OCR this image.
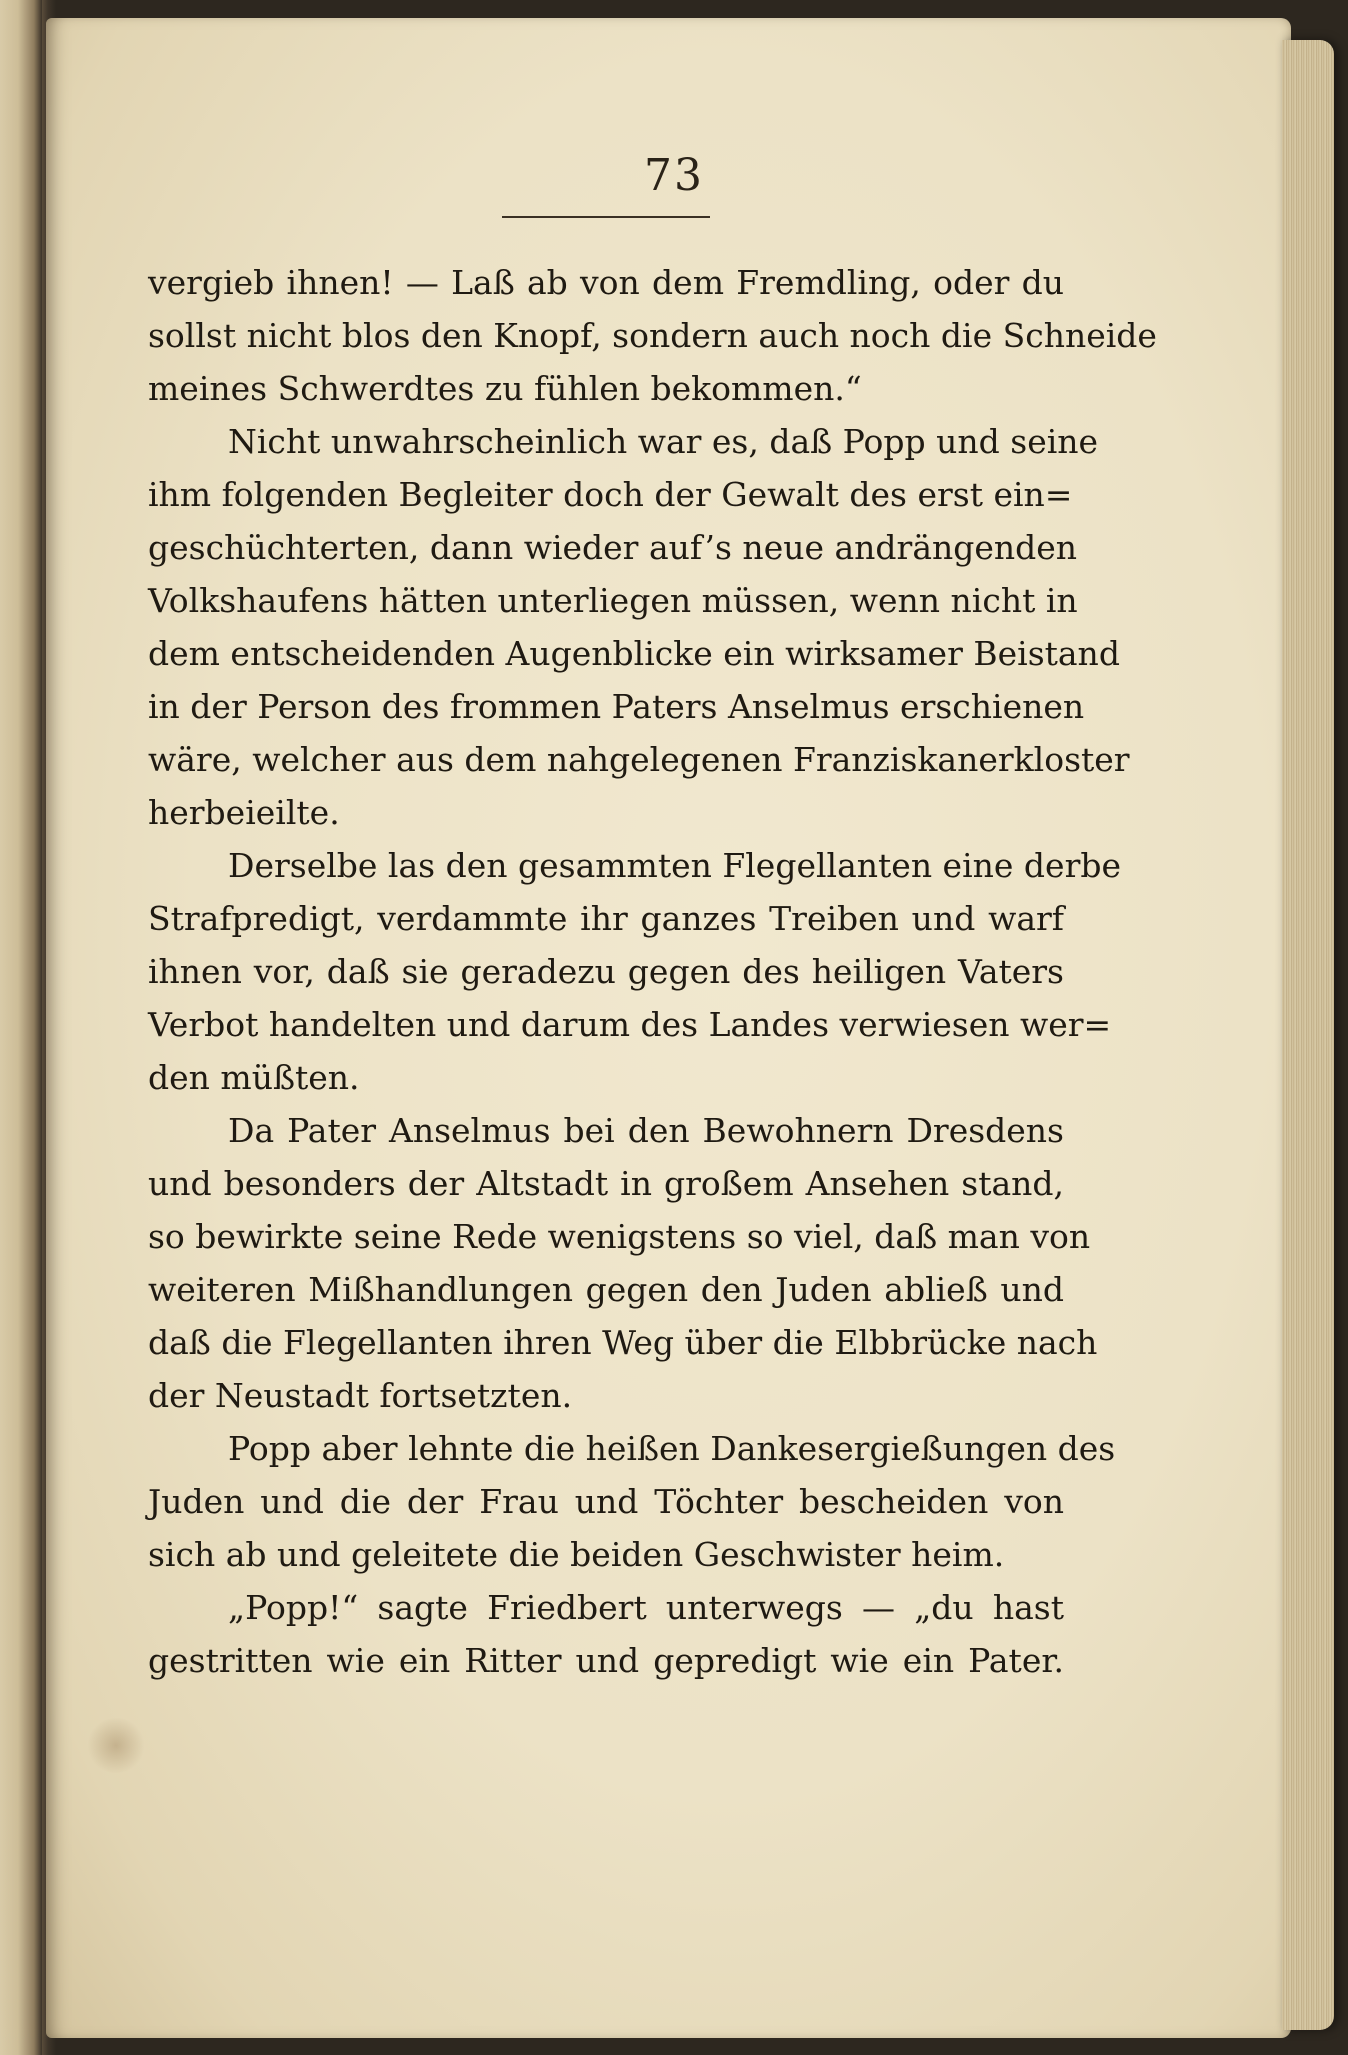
73
vergieb ihnen! — Laß ab von dem Fremdling, oder du
sollst nicht blos den Knopf, sondern auch noch die Schneide
meines Schwerdtes zu fühlen bekommen.“
Nicht unwahrscheinlich war es, daß Popp und seine
ihm folgenden Begleiter doch der Gewalt des erst ein=
geschüchterten, dann wieder auf’s neue andrängenden
Volkshaufens hätten unterliegen müssen, wenn nicht in
dem entscheidenden Augenblicke ein wirksamer Beistand
in der Person des frommen Paters Anselmus erschienen
wäre, welcher aus dem nahgelegenen Franziskanerkloster
herbeieilte.
Derselbe las den gesammten Flegellanten eine derbe
Strafpredigt, verdammte ihr ganzes Treiben und warf
ihnen vor, daß sie geradezu gegen des heiligen Vaters
Verbot handelten und darum des Landes verwiesen wer=
den müßten.
Da Pater Anselmus bei den Bewohnern Dresdens
und besonders der Altstadt in großem Ansehen stand,
so bewirkte seine Rede wenigstens so viel, daß man von
weiteren Mißhandlungen gegen den Juden abließ und
daß die Flegellanten ihren Weg über die Elbbrücke nach
der Neustadt fortsetzten.
Popp aber lehnte die heißen Dankesergießungen des
Juden und die der Frau und Töchter bescheiden von
sich ab und geleitete die beiden Geschwister heim.
„Popp!“ sagte Friedbert unterwegs — „du hast
gestritten wie ein Ritter und gepredigt wie ein Pater.
